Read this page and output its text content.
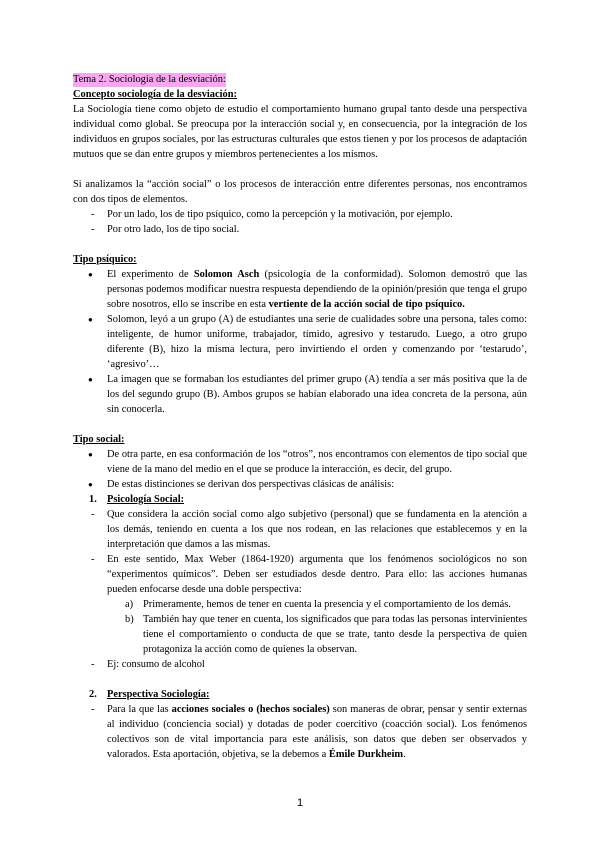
Tema 2. Sociología de la desviación:
Concepto sociología de la desviación:

La Sociología tiene como objeto de estudio el comportamiento humano grupal tanto desde una perspectiva individual como global. Se preocupa por la interacción social y, en consecuencia, por la integración de los individuos en grupos sociales, por las estructuras culturales que estos tienen y por los procesos de adaptación mutuos que se dan entre grupos y miembros pertenecientes a los mismos.

Si analizamos la “acción social” o los procesos de interacción entre diferentes personas, nos encontramos con dos tipos de elementos.

- Por un lado, los de tipo psíquico, como la percepción y la motivación, por ejemplo.
- Por otro lado, los de tipo social.
Tipo psíquico:
● El experimento de Solomon Asch (psicología de la conformidad). Solomon demostró que las personas podemos modificar nuestra respuesta dependiendo de la opinión/presión que tenga el grupo sobre nosotros, ello se inscribe en esta vertiente de la acción social de tipo psíquico.
● Solomon, leyó a un grupo (A) de estudiantes una serie de cualidades sobre una persona, tales como: inteligente, de humor uniforme, trabajador, tímido, agresivo y testarudo. Luego, a otro grupo diferente (B), hizo la misma lectura, pero invirtiendo el orden y comenzando por ‘testarudo’, ‘agresivo’…
● La imagen que se formaban los estudiantes del primer grupo (A) tendía a ser más positiva que la de los del segundo grupo (B). Ambos grupos se habían elaborado una idea concreta de la persona, aún sin conocerla.
Tipo social:
● De otra parte, en esa conformación de los “otros”, nos encontramos con elementos de tipo social que viene de la mano del medio en el que se produce la interacción, es decir, del grupo.
● De estas distinciones se derivan dos perspectivas clásicas de análisis:
1. Psicología Social:
- Que considera la acción social como algo subjetivo (personal) que se fundamenta en la atención a los demás, teniendo en cuenta a los que nos rodean, en las relaciones que establecemos y en la interpretación que damos a las mismas.
- En este sentido, Max Weber (1864-1920) argumenta que los fenómenos sociológicos no son “experimentos químicos”. Deben ser estudiados desde dentro. Para ello: las acciones humanas pueden enfocarse desde una doble perspectiva:
a) Primeramente, hemos de tener en cuenta la presencia y el comportamiento de los demás.
b) También hay que tener en cuenta, los significados que para todas las personas intervinientes tiene el comportamiento o conducta de que se trate, tanto desde la perspectiva de quien protagoniza la acción como de quienes la observan.
- Ej: consumo de alcohol
2. Perspectiva Sociología:
- Para la que las acciones sociales o (hechos sociales) son maneras de obrar, pensar y sentir externas al individuo (conciencia social) y dotadas de poder coercitivo (coacción social). Los fenómenos colectivos son de vital importancia para este análisis, son datos que deben ser observados y valorados. Esta aportación, objetiva, se la debemos a Émile Durkheim.
1
